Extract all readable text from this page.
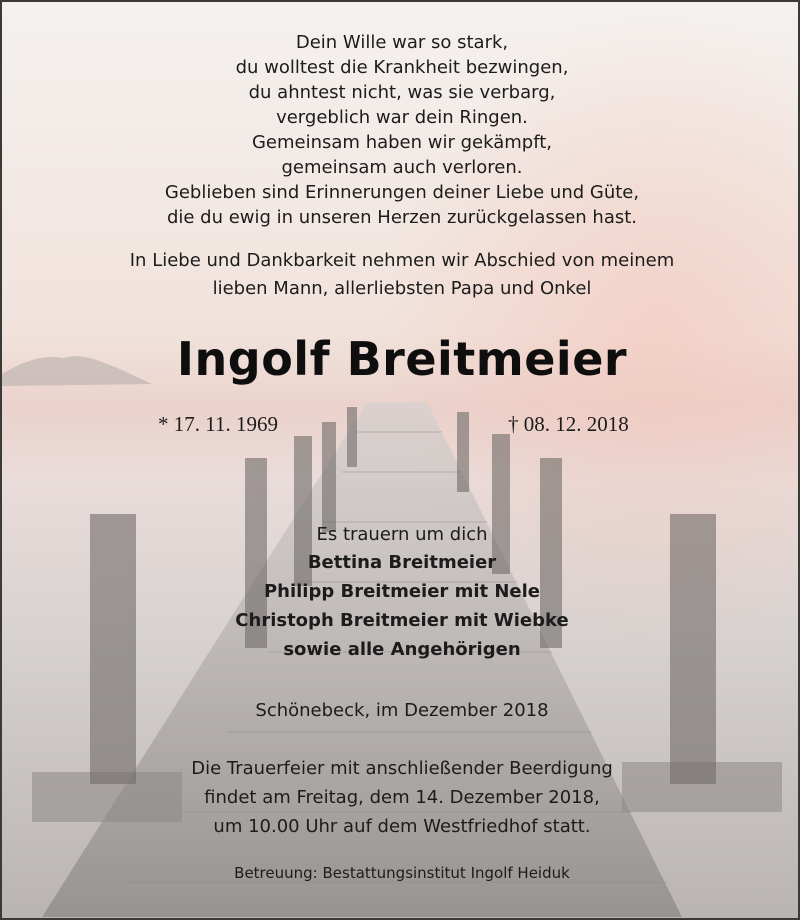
Dein Wille war so stark,
du wolltest die Krankheit bezwingen,
du ahntest nicht, was sie verbarg,
vergeblich war dein Ringen.
Gemeinsam haben wir gekämpft,
gemeinsam auch verloren.
Geblieben sind Erinnerungen deiner Liebe und Güte,
die du ewig in unseren Herzen zurückgelassen hast.
In Liebe und Dankbarkeit nehmen wir Abschied von meinem
lieben Mann, allerliebsten Papa und Onkel
Ingolf Breitmeier
* 17. 11. 1969	† 08. 12. 2018
Es trauern um dich
Bettina Breitmeier
Philipp Breitmeier mit Nele
Christoph Breitmeier mit Wiebke
sowie alle Angehörigen
Schönebeck, im Dezember 2018
Die Trauerfeier mit anschließender Beerdigung
findet am Freitag, dem 14. Dezember 2018,
um 10.00 Uhr auf dem Westfriedhof statt.
Betreuung: Bestattungsinstitut Ingolf Heiduk
